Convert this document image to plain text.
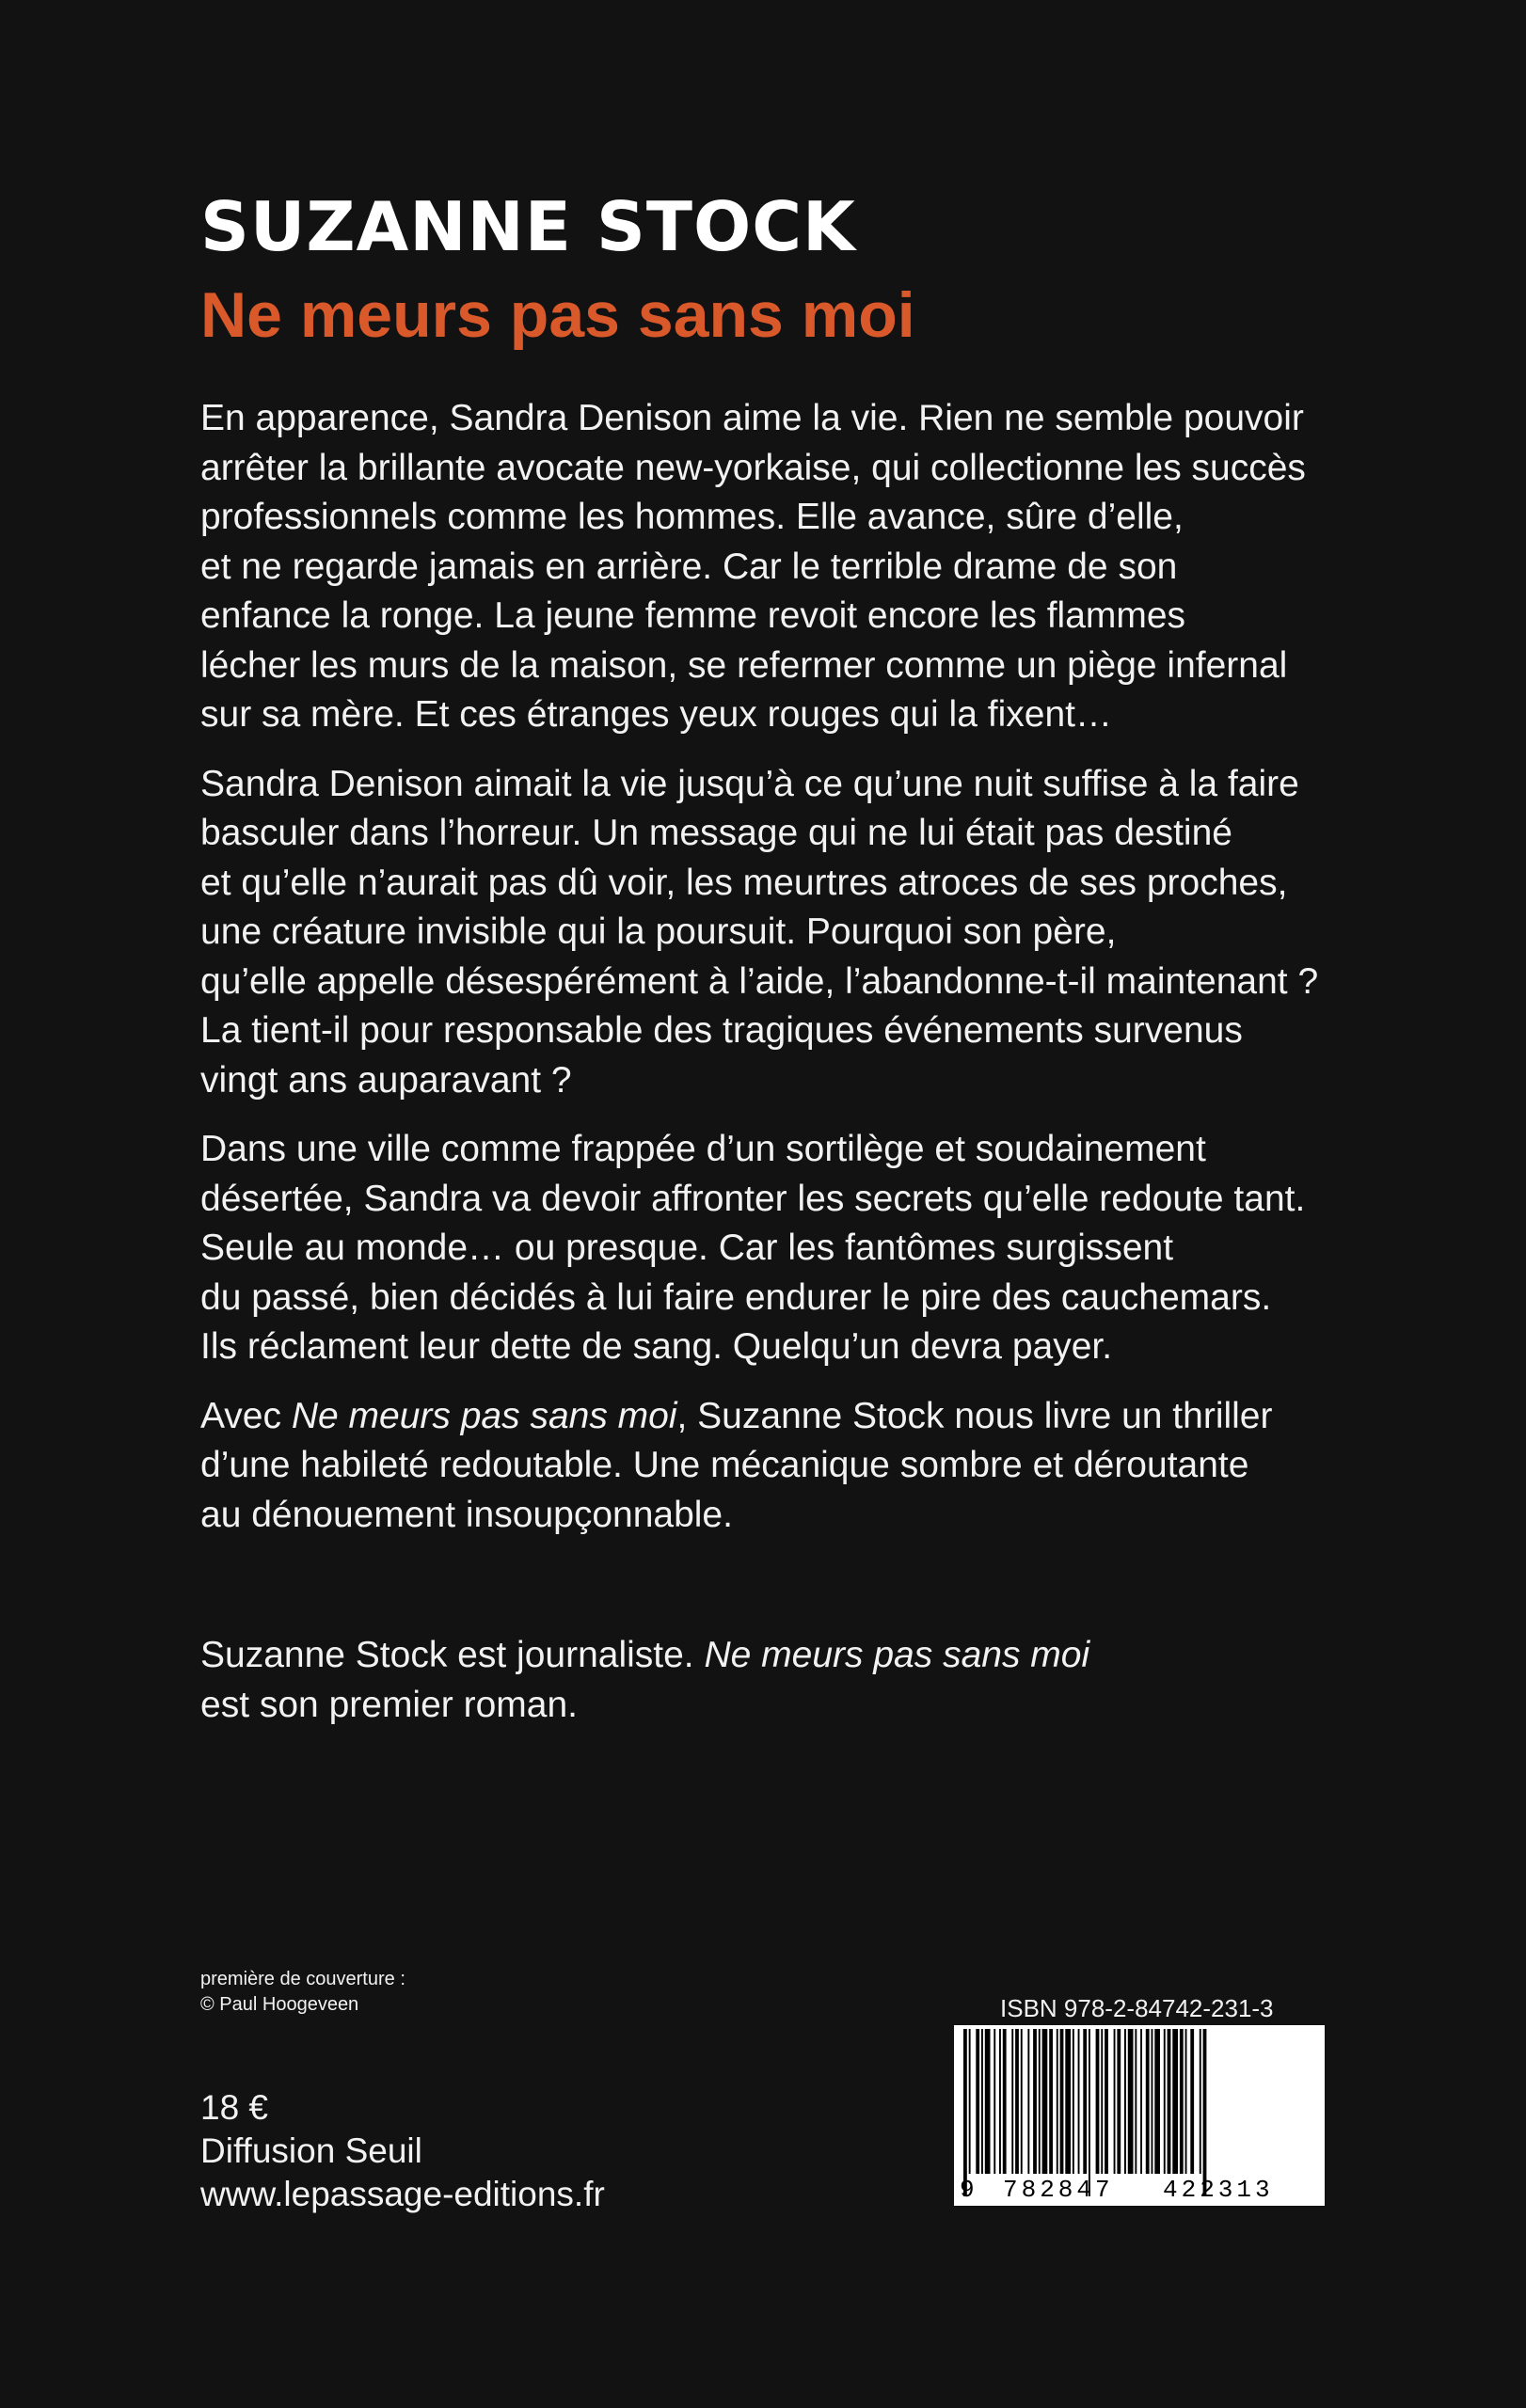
SUZANNE STOCK
Ne meurs pas sans moi

En apparence, Sandra Denison aime la vie. Rien ne semble pouvoir
arrêter la brillante avocate new-yorkaise, qui collectionne les succès
professionnels comme les hommes. Elle avance, sûre d’elle,
et ne regarde jamais en arrière. Car le terrible drame de son
enfance la ronge. La jeune femme revoit encore les flammes
lécher les murs de la maison, se refermer comme un piège infernal
sur sa mère. Et ces étranges yeux rouges qui la fixent…

Sandra Denison aimait la vie jusqu’à ce qu’une nuit suffise à la faire
basculer dans l’horreur. Un message qui ne lui était pas destiné
et qu’elle n’aurait pas dû voir, les meurtres atroces de ses proches,
une créature invisible qui la poursuit. Pourquoi son père,
qu’elle appelle désespérément à l’aide, l’abandonne-t-il maintenant ?
La tient-il pour responsable des tragiques événements survenus
vingt ans auparavant ?

Dans une ville comme frappée d’un sortilège et soudainement
désertée, Sandra va devoir affronter les secrets qu’elle redoute tant.
Seule au monde… ou presque. Car les fantômes surgissent
du passé, bien décidés à lui faire endurer le pire des cauchemars.
Ils réclament leur dette de sang. Quelqu’un devra payer.

Avec Ne meurs pas sans moi, Suzanne Stock nous livre un thriller
d’une habileté redoutable. Une mécanique sombre et déroutante
au dénouement insoupçonnable.

Suzanne Stock est journaliste. Ne meurs pas sans moi
est son premier roman.
première de couverture :
© Paul Hoogeveen
18 €
Diffusion Seuil
www.lepassage-editions.fr
ISBN 978-2-84742-231-3
9 782847 422313
